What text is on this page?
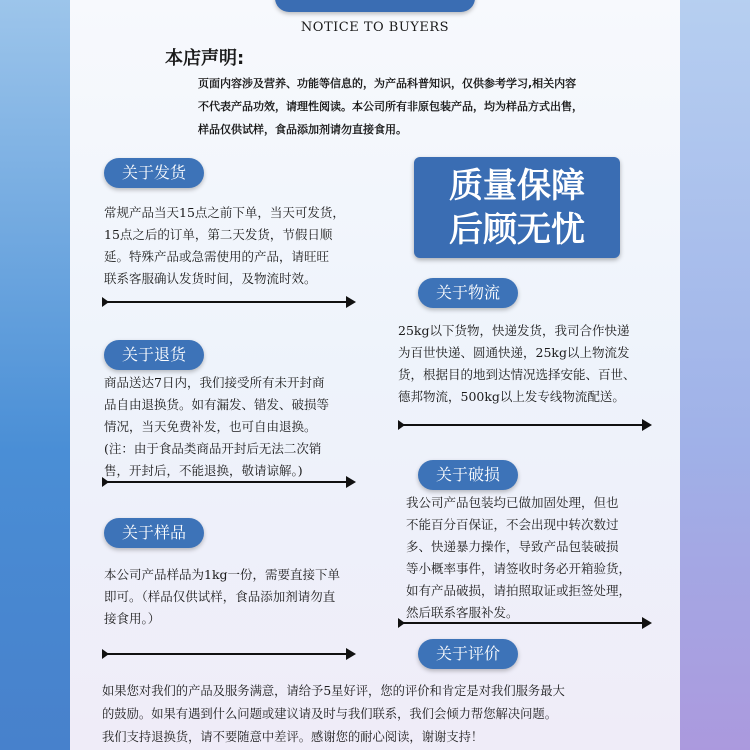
NOTICE TO BUYERS
本店声明:
页面内容涉及营养、功能等信息的，为产品科普知识，仅供参考学习,相关内容
不代表产品功效，请理性阅读。本公司所有非原包装产品，均为样品方式出售，
样品仅供试样，食品添加剂请勿直接食用。
关于发货
常规产品当天15点之前下单，当天可发货，
15点之后的订单，第二天发货，节假日顺
延。特殊产品或急需使用的产品，请旺旺
联系客服确认发货时间，及物流时效。
质量保障
后顾无忧
关于物流
25kg以下货物，快递发货，我司合作快递
为百世快递、圆通快递，25kg以上物流发
货，根据目的地到达情况选择安能、百世、
德邦物流，500kg以上发专线物流配送。
关于退货
商品送达7日内，我们接受所有未开封商
品自由退换货。如有漏发、错发、破损等
情况，当天免费补发，也可自由退换。
(注：由于食品类商品开封后无法二次销
售，开封后，不能退换，敬请谅解。)	关于破损
我公司产品包装均已做加固处理，但也
不能百分百保证，不会出现中转次数过
多、快递暴力操作，导致产品包装破损
等小概率事件，请签收时务必开箱验货，
如有产品破损，请拍照取证或拒签处理，
然后联系客服补发。
关于样品
本公司产品样品为1kg一份，需要直接下单
即可。（样品仅供试样，食品添加剂请勿直
接食用。）
关于评价
如果您对我们的产品及服务满意，请给予5星好评，您的评价和肯定是对我们服务最大
的鼓励。如果有遇到什么问题或建议请及时与我们联系，我们会倾力帮您解决问题。
我们支持退换货，请不要随意中差评。感谢您的耐心阅读，谢谢支持！
